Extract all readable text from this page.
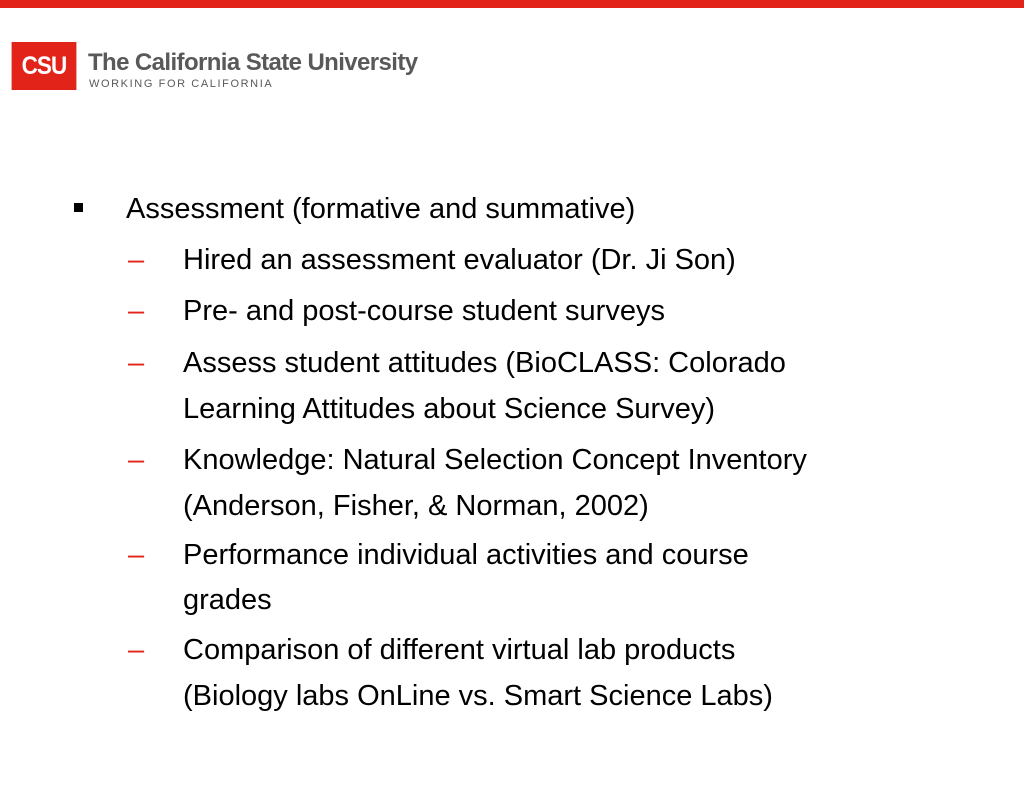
CSU The California State University
WORKING FOR CALIFORNIA
Assessment (formative and summative)
– Hired an assessment evaluator (Dr. Ji Son)
– Pre- and post-course student surveys
– Assess student attitudes (BioCLASS: Colorado
Learning Attitudes about Science Survey)
– Knowledge: Natural Selection Concept Inventory
(Anderson, Fisher, & Norman, 2002)
– Performance individual activities and course
grades
– Comparison of different virtual lab products
(Biology labs OnLine vs. Smart Science Labs)
